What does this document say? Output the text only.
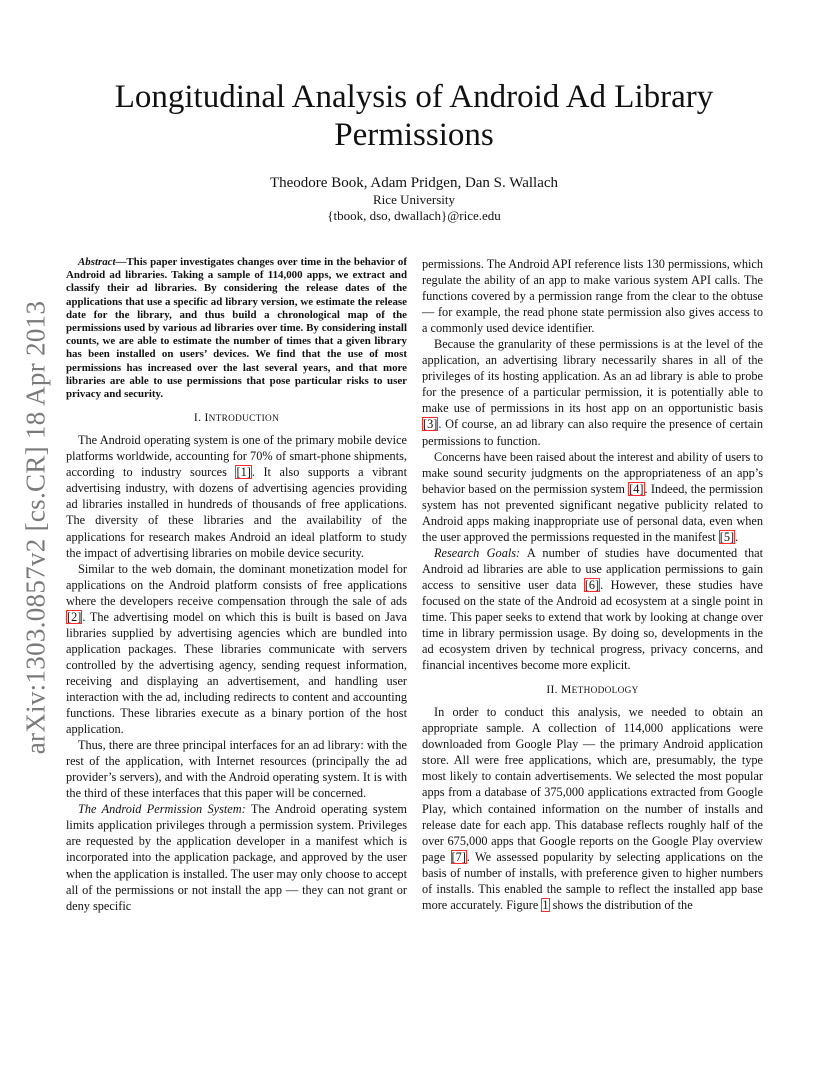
arXiv:1303.0857v2 [cs.CR] 18 Apr 2013
Longitudinal Analysis of Android Ad Library Permissions
Theodore Book, Adam Pridgen, Dan S. Wallach
Rice University
{tbook, dso, dwallach}@rice.edu

Abstract—This paper investigates changes over time in the behavior of Android ad libraries. Taking a sample of 114,000 apps, we extract and classify their ad libraries. By considering the release dates of the applications that use a specific ad library version, we estimate the release date for the library, and thus build a chronological map of the permissions used by various ad libraries over time. By considering install counts, we are able to estimate the number of times that a given library has been installed on users’ devices. We find that the use of most permissions has increased over the last several years, and that more libraries are able to use permissions that pose particular risks to user privacy and security.

I. INTRODUCTION

The Android operating system is one of the primary mobile device platforms worldwide, accounting for 70% of smart-phone shipments, according to industry sources [1]. It also supports a vibrant advertising industry, with dozens of advertising agencies providing ad libraries installed in hundreds of thousands of free applications. The diversity of these libraries and the availability of the applications for research makes Android an ideal platform to study the impact of advertising libraries on mobile device security.

Similar to the web domain, the dominant monetization model for applications on the Android platform consists of free applications where the developers receive compensation through the sale of ads [2]. The advertising model on which this is built is based on Java libraries supplied by advertising agencies which are bundled into application packages. These libraries communicate with servers controlled by the advertising agency, sending request information, receiving and displaying an advertisement, and handling user interaction with the ad, including redirects to content and accounting functions. These libraries execute as a binary portion of the host application.

Thus, there are three principal interfaces for an ad library: with the rest of the application, with Internet resources (principally the ad provider’s servers), and with the Android operating system. It is with the third of these interfaces that this paper will be concerned.

The Android Permission System: The Android operating system limits application privileges through a permission system. Privileges are requested by the application developer in a manifest which is incorporated into the application package, and approved by the user when the application is installed. The user may only choose to accept all of the permissions or not install the app — they can not grant or deny specific

permissions. The Android API reference lists 130 permissions, which regulate the ability of an app to make various system API calls. The functions covered by a permission range from the clear to the obtuse — for example, the read phone state permission also gives access to a commonly used device identifier.

Because the granularity of these permissions is at the level of the application, an advertising library necessarily shares in all of the privileges of its hosting application. As an ad library is able to probe for the presence of a particular permission, it is potentially able to make use of permissions in its host app on an opportunistic basis [3]. Of course, an ad library can also require the presence of certain permissions to function.

Concerns have been raised about the interest and ability of users to make sound security judgments on the appropriateness of an app’s behavior based on the permission system [4]. Indeed, the permission system has not prevented significant negative publicity related to Android apps making inappropriate use of personal data, even when the user approved the permissions requested in the manifest [5].

Research Goals: A number of studies have documented that Android ad libraries are able to use application permissions to gain access to sensitive user data [6]. However, these studies have focused on the state of the Android ad ecosystem at a single point in time. This paper seeks to extend that work by looking at change over time in library permission usage. By doing so, developments in the ad ecosystem driven by technical progress, privacy concerns, and financial incentives become more explicit.

II. METHODOLOGY

In order to conduct this analysis, we needed to obtain an appropriate sample. A collection of 114,000 applications were downloaded from Google Play — the primary Android application store. All were free applications, which are, presumably, the type most likely to contain advertisements. We selected the most popular apps from a database of 375,000 applications extracted from Google Play, which contained information on the number of installs and release date for each app. This database reflects roughly half of the over 675,000 apps that Google reports on the Google Play overview page [7]. We assessed popularity by selecting applications on the basis of number of installs, with preference given to higher numbers of installs. This enabled the sample to reflect the installed app base more accurately. Figure 1 shows the distribution of the
